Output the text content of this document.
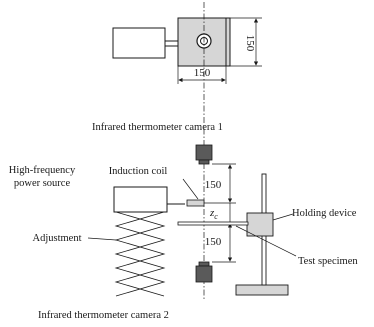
150
150
Infrared thermometer camera 1
High-frequency
power source
Induction coil
150
150
$z_c$	Holding device
Test specimen
Adjustment
Infrared thermometer camera 2
